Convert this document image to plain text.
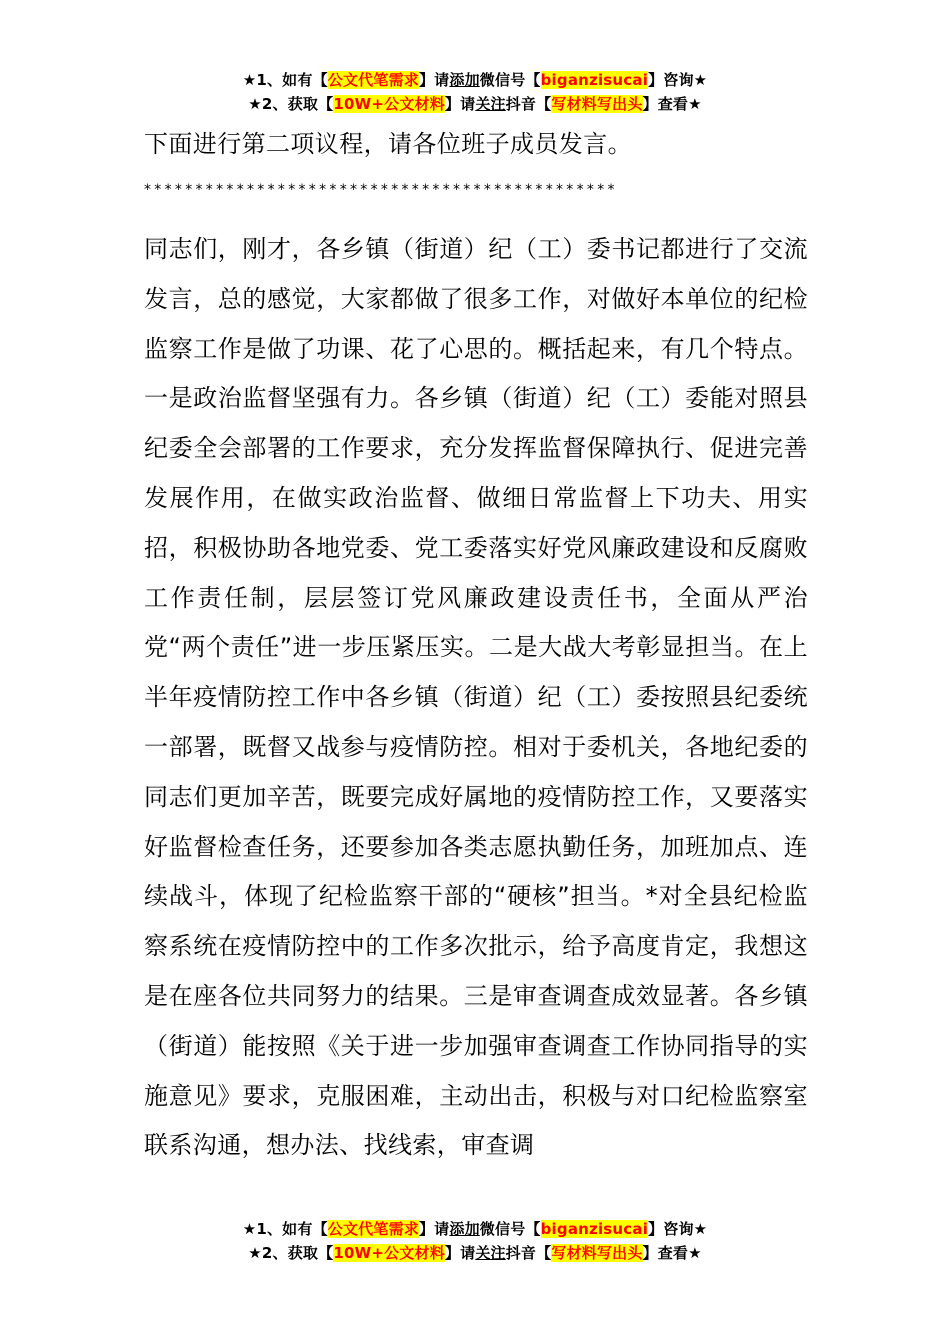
★1、如有【公文代笔需求】请添加微信号【biganzisucai】咨询★
★2、获取【10W+公文材料】请关注抖音【写材料写出头】查看★
下面进行第二项议程，请各位班子成员发言。
**********************************************
同志们，刚才，各乡镇（街道）纪（工）委书记都进行了交流发言，总的感觉，大家都做了很多工作，对做好本单位的纪检监察工作是做了功课、花了心思的。概括起来，有几个特点。一是政治监督坚强有力。各乡镇（街道）纪（工）委能对照县纪委全会部署的工作要求，充分发挥监督保障执行、促进完善发展作用，在做实政治监督、做细日常监督上下功夫、用实招，积极协助各地党委、党工委落实好党风廉政建设和反腐败工作责任制，层层签订党风廉政建设责任书，全面从严治党“两个责任”进一步压紧压实。二是大战大考彰显担当。在上半年疫情防控工作中各乡镇（街道）纪（工）委按照县纪委统一部署，既督又战参与疫情防控。相对于委机关，各地纪委的同志们更加辛苦，既要完成好属地的疫情防控工作，又要落实好监督检查任务，还要参加各类志愿执勤任务，加班加点、连续战斗，体现了纪检监察干部的“硬核”担当。*对全县纪检监察系统在疫情防控中的工作多次批示，给予高度肯定，我想这是在座各位共同努力的结果。三是审查调查成效显著。各乡镇（街道）能按照《关于进一步加强审查调查工作协同指导的实施意见》要求，克服困难，主动出击，积极与对口纪检监察室联系沟通，想办法、找线索，审查调
★1、如有【公文代笔需求】请添加微信号【biganzisucai】咨询★
★2、获取【10W+公文材料】请关注抖音【写材料写出头】查看★
